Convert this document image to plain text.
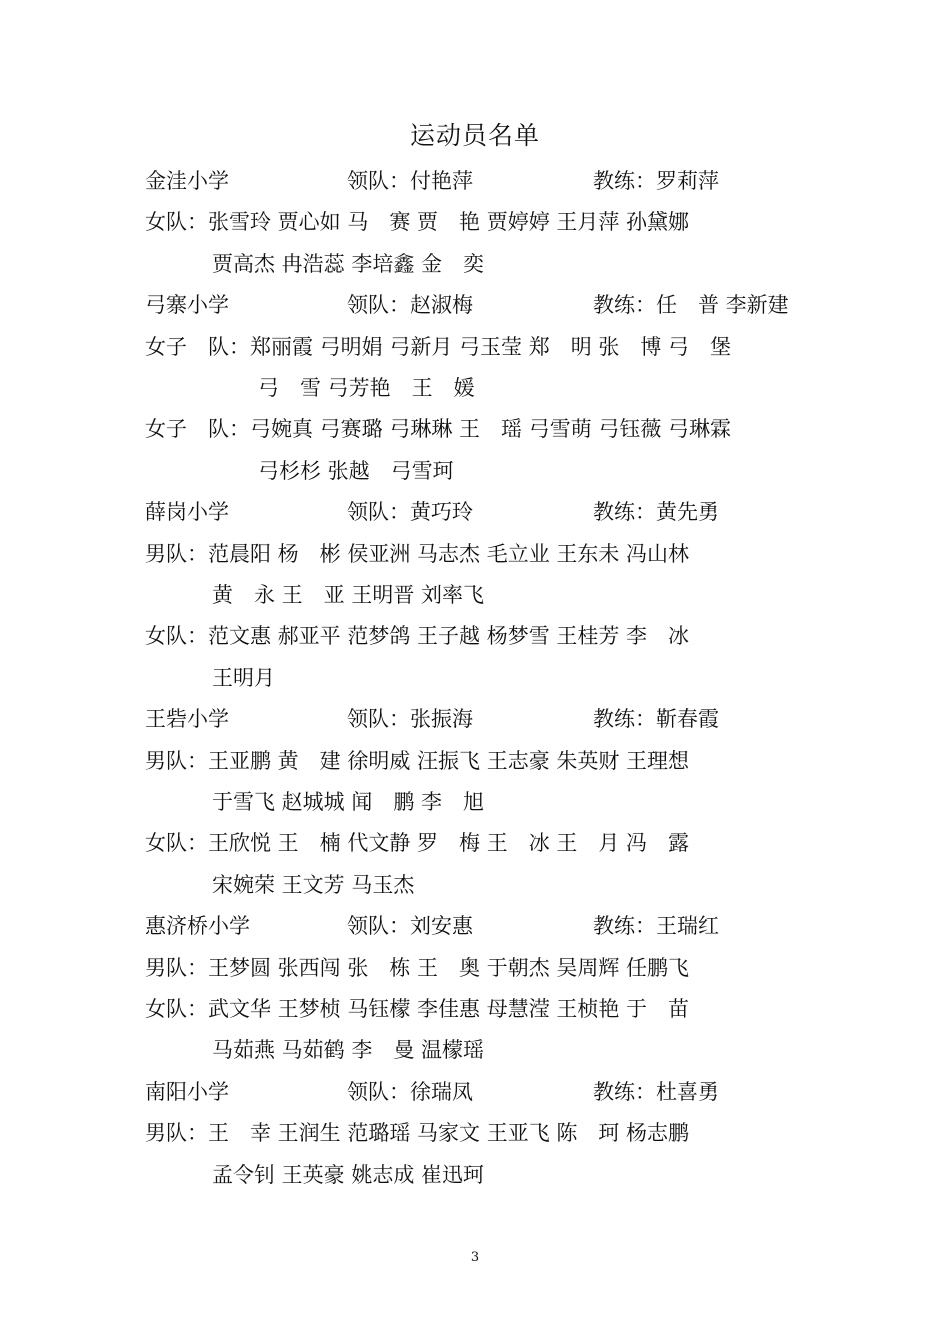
运动员名单
金洼小学	领队：付艳萍	教练：罗莉萍
女队：张雪玲 贾心如 马　赛 贾　艳 贾婷婷 王月萍 孙黛娜
贾高杰 冉浩蕊 李培鑫 金　奕
弓寨小学	领队：赵淑梅	教练：任　普 李新建
女子　队：郑丽霞 弓明娟 弓新月 弓玉莹 郑　明 张　博 弓　堡
弓　雪 弓芳艳　王　媛
女子　队：弓婉真 弓赛璐 弓琳琳 王　瑶 弓雪萌 弓钰薇 弓琳霖
弓杉杉 张越　弓雪珂
薛岗小学	领队：黄巧玲	教练：黄先勇
男队：范晨阳 杨　彬 侯亚洲 马志杰 毛立业 王东未 冯山林
黄　永 王　亚 王明晋 刘率飞
女队：范文惠 郝亚平 范梦鸽 王子越 杨梦雪 王桂芳 李　冰
王明月
王砦小学	领队：张振海	教练：靳春霞
男队：王亚鹏 黄　建 徐明威 汪振飞 王志豪 朱英财 王理想
于雪飞 赵城城 闻　鹏 李　旭
女队：王欣悦 王　楠 代文静 罗　梅 王　冰 王　月 冯　露
宋婉荣 王文芳 马玉杰
惠济桥小学	领队：刘安惠	教练：王瑞红
男队：王梦圆 张西闯 张　栋 王　奥 于朝杰 吴周辉 任鹏飞
女队：武文华 王梦桢 马钰檬 李佳惠 母慧滢 王桢艳 于　苗
马茹燕 马茹鹤 李　曼 温檬瑶
南阳小学	领队：徐瑞凤	教练：杜喜勇
男队：王　幸 王润生 范璐瑶 马家文 王亚飞 陈　珂 杨志鹏
孟令钊 王英豪 姚志成 崔迅珂
3
